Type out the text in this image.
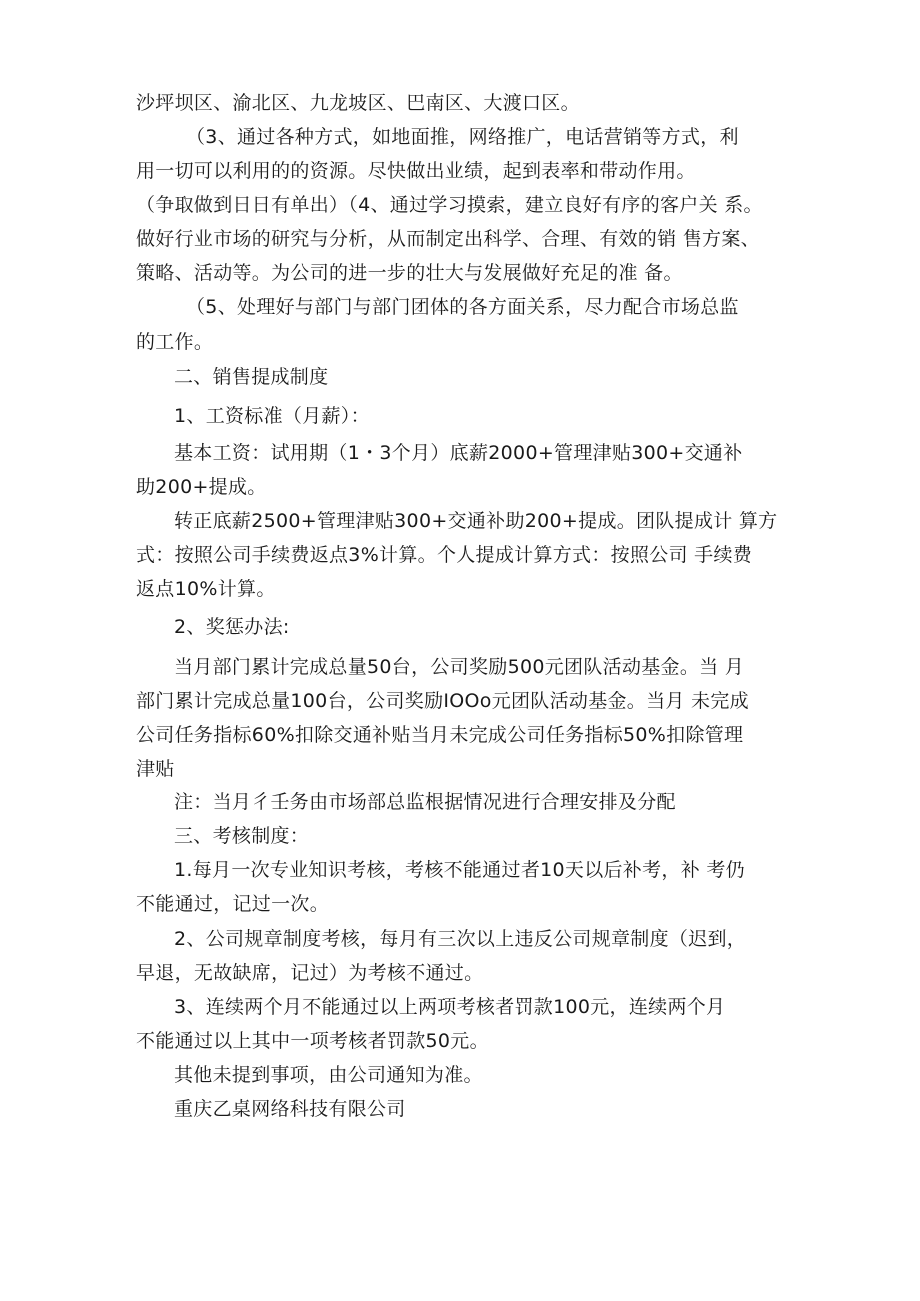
沙坪坝区、渝北区、九龙坡区、巴南区、大渡口区。
（3、通过各种方式，如地面推，网络推广，电话营销等方式，利
用一切可以利用的的资源。尽快做出业绩，起到表率和带动作用。
（争取做到日日有单出）（4、通过学习摸索，建立良好有序的客户关 系。
做好行业市场的研究与分析，从而制定出科学、合理、有效的销 售方案、
策略、活动等。为公司的进一步的壮大与发展做好充足的准 备。
（5、处理好与部门与部门团体的各方面关系，尽力配合市场总监
的工作。
二、销售提成制度
1、工资标准（月薪）：
基本工资：试用期（1・3个月）底薪2000+管理津贴300+交通补
助200+提成。
转正底薪2500+管理津贴300+交通补助200+提成。团队提成计 算方
式：按照公司手续费返点3%计算。个人提成计算方式：按照公司 手续费
返点10%计算。
2、奖惩办法:
当月部门累计完成总量50台，公司奖励500元团队活动基金。当 月
部门累计完成总量100台，公司奖励IOOo元团队活动基金。当月 未完成
公司任务指标60%扣除交通补贴当月未完成公司任务指标50%扣除管理
津贴
注：当月彳壬务由市场部总监根据情况进行合理安排及分配
三、考核制度：
1.每月一次专业知识考核，考核不能通过者10天以后补考，补 考仍
不能通过，记过一次。
2、公司规章制度考核，每月有三次以上违反公司规章制度（迟到，
早退，无故缺席，记过）为考核不通过。
3、连续两个月不能通过以上两项考核者罚款100元，连续两个月
不能通过以上其中一项考核者罚款50元。
其他未提到事项，由公司通知为准。
重庆乙桌网络科技有限公司
